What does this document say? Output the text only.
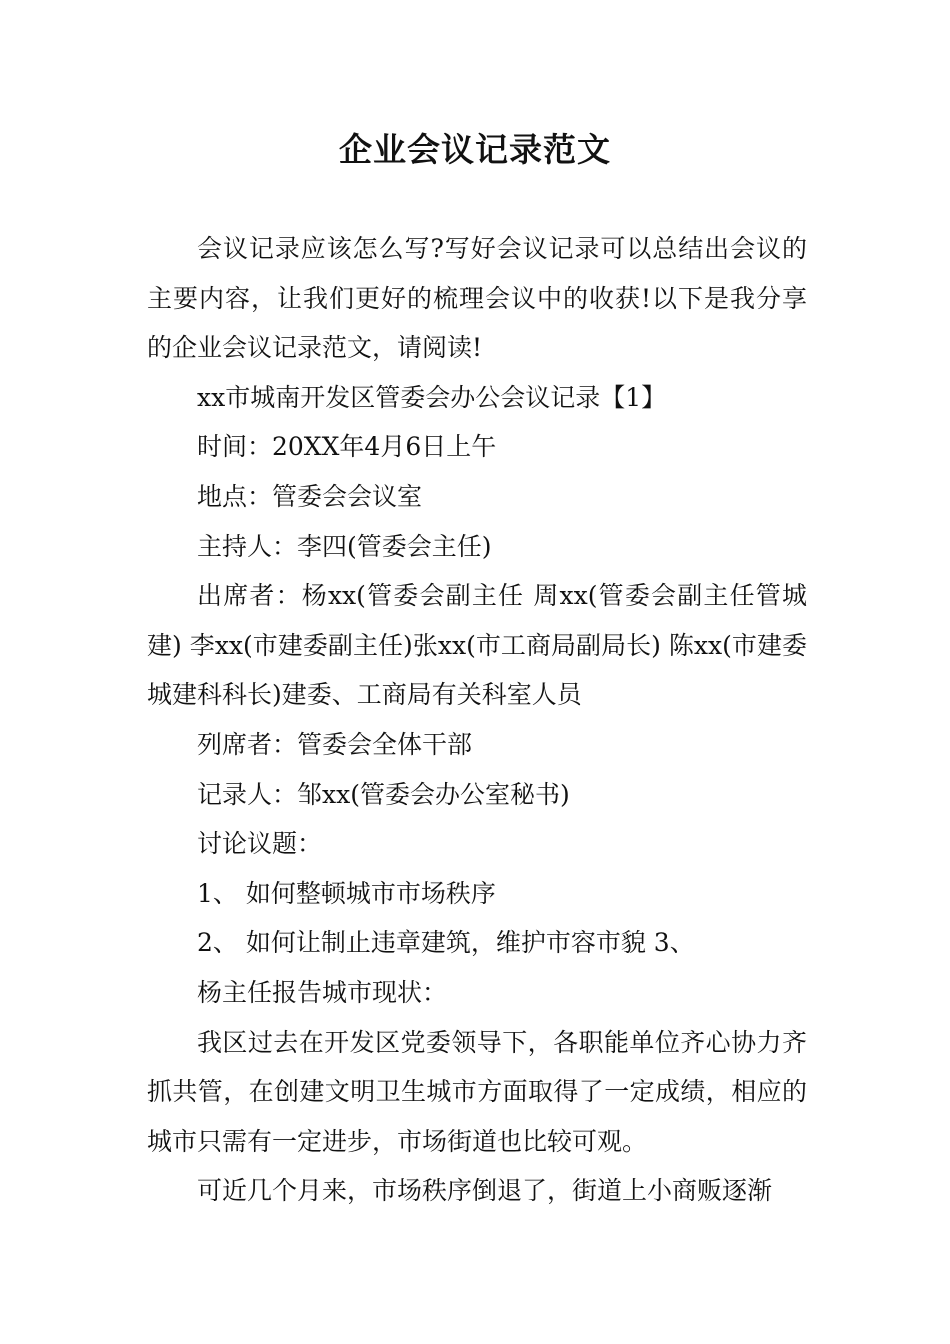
企业会议记录范文

会议记录应该怎么写?写好会议记录可以总结出会议的主要内容，让我们更好的梳理会议中的收获!以下是我分享的企业会议记录范文，请阅读!

xx市城南开发区管委会办公会议记录【1】

时间：20XX年4月6日上午

地点：管委会会议室

主持人：李四(管委会主任)

出席者：杨xx(管委会副主任 周xx(管委会副主任管城建) 李xx(市建委副主任)张xx(市工商局副局长) 陈xx(市建委城建科科长)建委、工商局有关科室人员

列席者：管委会全体干部

记录人：邹xx(管委会办公室秘书)

讨论议题：

1、 如何整顿城市市场秩序

2、 如何让制止违章建筑，维护市容市貌 3、

杨主任报告城市现状：

我区过去在开发区党委领导下，各职能单位齐心协力齐抓共管，在创建文明卫生城市方面取得了一定成绩，相应的城市只需有一定进步，市场街道也比较可观。

可近几个月来，市场秩序倒退了，街道上小商贩逐渐
